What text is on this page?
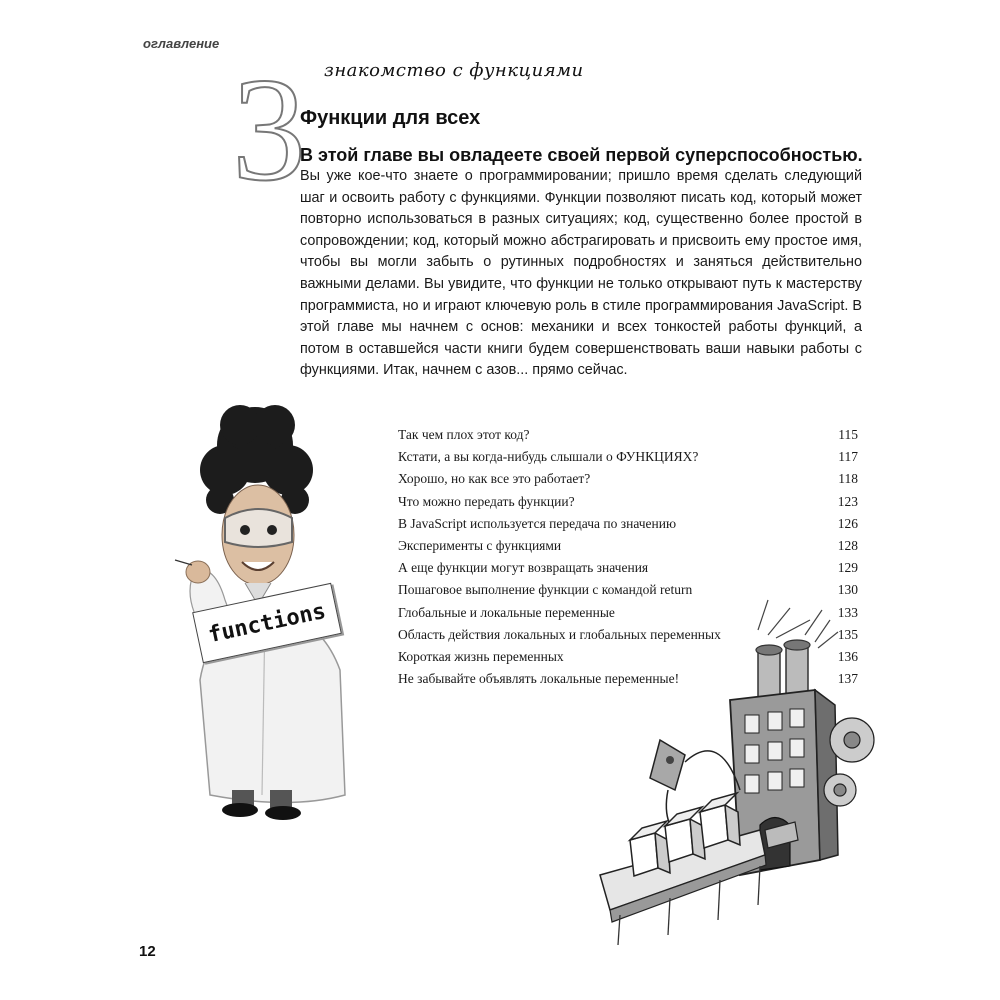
оглавление
знакомство с функциями
3
Функции для всех
В этой главе вы овладеете своей первой суперспособностью.

Вы уже кое-что знаете о программировании; пришло время сделать следующий шаг и освоить работу с функциями. Функции позволяют писать код, который может повторно использоваться в разных ситуациях; код, существенно более простой в сопровождении; код, который можно абстрагировать и присвоить ему простое имя, чтобы вы могли забыть о рутинных подробностях и заняться действительно важными делами. Вы увидите, что функции не только открывают путь к мастерству программиста, но и играют ключевую роль в стиле программирования JavaScript. В этой главе мы начнем с основ: механики и всех тонкостей работы функций, а потом в оставшейся части книги будем совершенствовать ваши навыки работы с функциями. Итак, начнем с азов... прямо сейчас.

functions
Так чем плох этот код?	115
Кстати, а вы когда-нибудь слышали о ФУНКЦИЯХ?	117
Хорошо, но как все это работает?	118
Что можно передать функции?	123
В JavaScript используется передача по значению	126
Эксперименты с функциями	128
А еще функции могут возвращать значения	129
Пошаговое выполнение функции с командой return	130
Глобальные и локальные переменные	133
Область действия локальных и глобальных переменных	135
Короткая жизнь переменных	136
Не забывайте объявлять локальные переменные!	137
12
